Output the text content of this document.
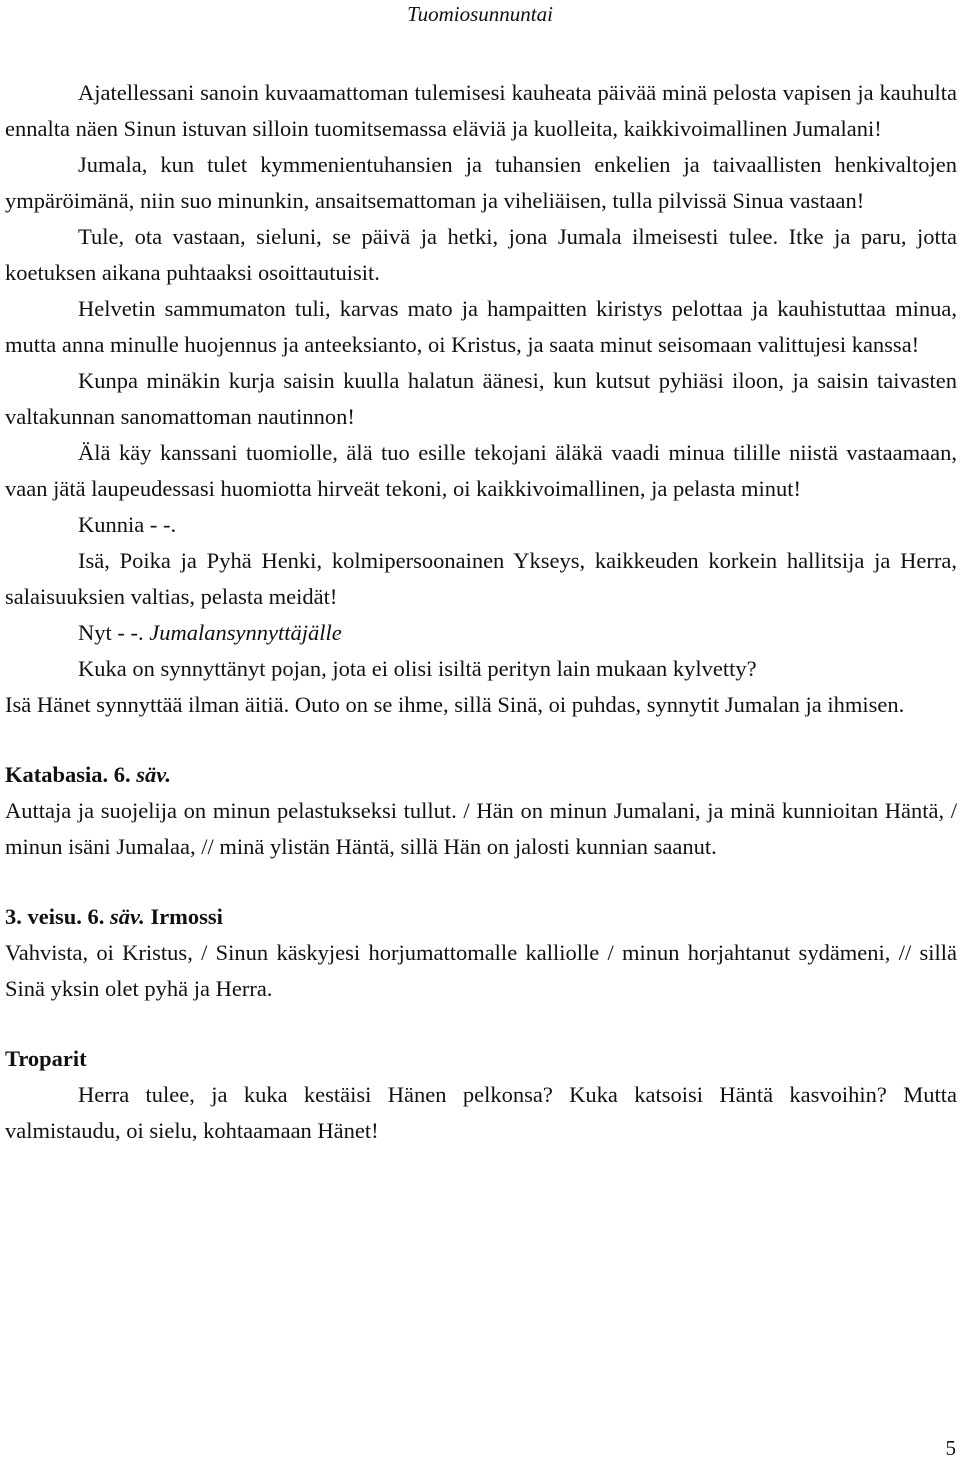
Tuomiosunnuntai

Ajatellessani sanoin kuvaamattoman tulemisesi kauheata päivää minä pelosta vapisen ja kauhulta ennalta näen Sinun istuvan silloin tuomitsemassa eläviä ja kuolleita, kaikkivoimallinen Jumalani!

Jumala, kun tulet kymmenientuhansien ja tuhansien enkelien ja taivaallisten henkivaltojen ympäröimänä, niin suo minunkin, ansaitsemattoman ja viheliäisen, tulla pilvissä Sinua vastaan!

Tule, ota vastaan, sieluni, se päivä ja hetki, jona Jumala ilmeisesti tulee. Itke ja paru, jotta koetuksen aikana puhtaaksi osoittautuisit.

Helvetin sammumaton tuli, karvas mato ja hampaitten kiristys pelottaa ja kauhistuttaa minua, mutta anna minulle huojennus ja anteeksianto, oi Kristus, ja saata minut seisomaan valittujesi kanssa!

Kunpa minäkin kurja saisin kuulla halatun äänesi, kun kutsut pyhiäsi iloon, ja saisin taivasten valtakunnan sanomattoman nautinnon!

Älä käy kanssani tuomiolle, älä tuo esille tekojani äläkä vaadi minua tilille niistä vastaamaan, vaan jätä laupeudessasi huomiotta hirveät tekoni, oi kaikkivoimallinen, ja pelasta minut!

Kunnia - -.

Isä, Poika ja Pyhä Henki, kolmipersoonainen Ykseys, kaikkeuden korkein hallitsija ja Herra, salaisuuksien valtias, pelasta meidät!

Nyt - -. Jumalansynnyttäjälle

Kuka on synnyttänyt pojan, jota ei olisi isiltä perityn lain mukaan kylvetty?

Isä Hänet synnyttää ilman äitiä. Outo on se ihme, sillä Sinä, oi puhdas, synnytit Jumalan ja ihmisen.

Katabasia. 6. säv.

Auttaja ja suojelija on minun pelastukseksi tullut. / Hän on minun Jumalani, ja minä kunnioitan Häntä, / minun isäni Jumalaa, // minä ylistän Häntä, sillä Hän on jalosti kunnian saanut.

3. veisu. 6. säv. Irmossi

Vahvista, oi Kristus, / Sinun käskyjesi horjumattomalle kalliolle / minun horjahtanut sydämeni, // sillä Sinä yksin olet pyhä ja Herra.

Troparit

Herra tulee, ja kuka kestäisi Hänen pelkonsa? Kuka katsoisi Häntä kasvoihin? Mutta valmistaudu, oi sielu, kohtaamaan Hänet!

5
